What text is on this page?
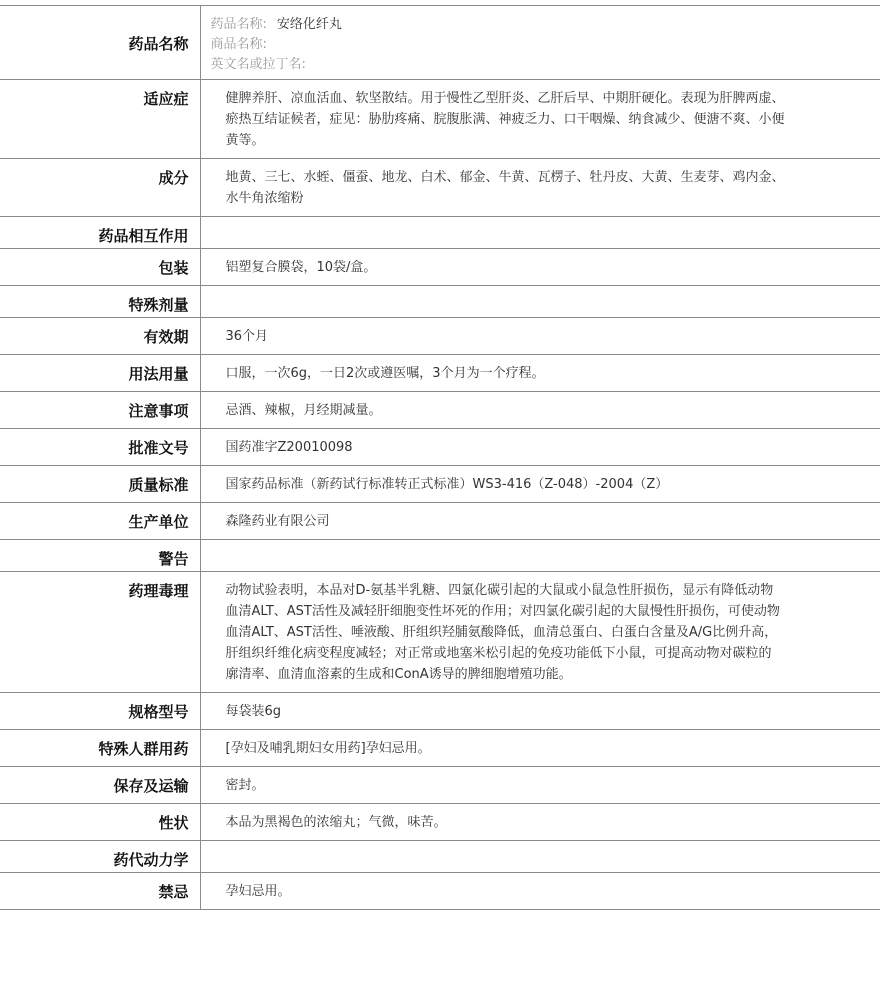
药品名称	药品名称: 安络化纤丸
商品名称:
英文名或拉丁名:

适应症	健脾养肝、凉血活血、软坚散结。用于慢性乙型肝炎、乙肝后早、中期肝硬化。表现为肝脾两虚、瘀热互结证候者，症见：胁肋疼痛、脘腹胀满、神疲乏力、口干咽燥、纳食减少、便溏不爽、小便黄等。
成分	地黄、三七、水蛭、僵蚕、地龙、白术、郁金、牛黄、瓦楞子、牡丹皮、大黄、生麦芽、鸡内金、水牛角浓缩粉
药品相互作用	
包装	铝塑复合膜袋，10袋/盒。
特殊剂量	
有效期	36个月
用法用量	口服，一次6g，一日2次或遵医嘱，3个月为一个疗程。
注意事项	忌酒、辣椒，月经期减量。
批准文号	国药准字Z20010098
质量标准	国家药品标准（新药试行标准转正式标准）WS3-416（Z-048）-2004（Z）
生产单位	森隆药业有限公司
警告	
药理毒理	动物试验表明，本品对D-氨基半乳糖、四氯化碳引起的大鼠或小鼠急性肝损伤，显示有降低动物血清ALT、AST活性及减轻肝细胞变性坏死的作用；对四氯化碳引起的大鼠慢性肝损伤，可使动物血清ALT、AST活性、唾液酸、肝组织羟脯氨酸降低，血清总蛋白、白蛋白含量及A/G比例升高，肝组织纤维化病变程度减轻；对正常或地塞米松引起的免疫功能低下小鼠，可提高动物对碳粒的廓清率、血清血溶素的生成和ConA诱导的脾细胞增殖功能。
规格型号	每袋装6g
特殊人群用药	[孕妇及哺乳期妇女用药]孕妇忌用。
保存及运输	密封。
性状	本品为黑褐色的浓缩丸；气微，味苦。
药代动力学	
禁忌	孕妇忌用。
